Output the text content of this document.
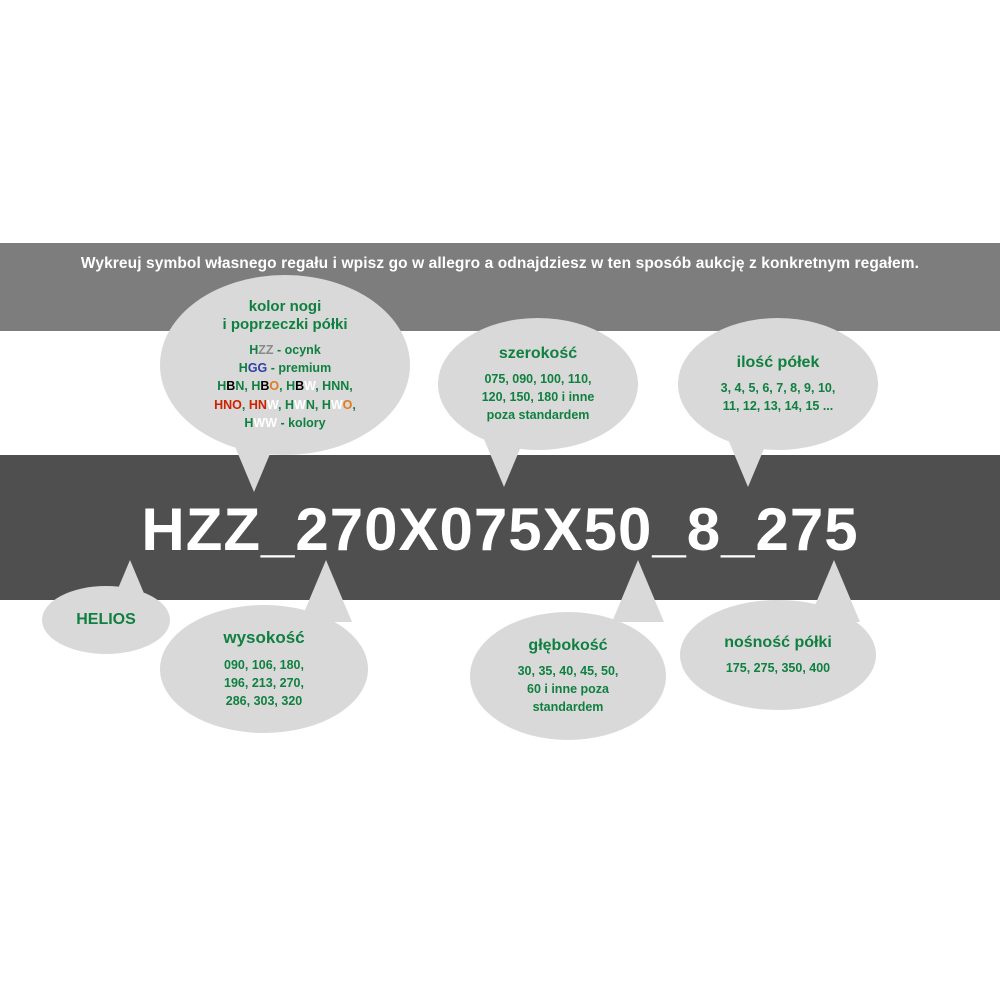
Wykreuj symbol własnego regału i wpisz go w allegro a odnajdziesz w ten sposób aukcję z konkretnym regałem.
HZZ_270X075X50_8_275
kolor nogi
i poprzeczki półki
HZZ - ocynk
HGG - premium
HBN, HBO, HBW, HNN,
HNO, HNW, HWN, HWO,
HWW - kolory
szerokość
075, 090, 100, 110,
120, 150, 180 i inne
poza standardem
ilość półek
3, 4, 5, 6, 7, 8, 9, 10,
11, 12, 13, 14, 15 ...
HELIOS
wysokość
090, 106, 180,
196, 213, 270,
286, 303, 320
głębokość
30, 35, 40, 45, 50,
60 i inne poza
standardem
nośność półki
175, 275, 350, 400
